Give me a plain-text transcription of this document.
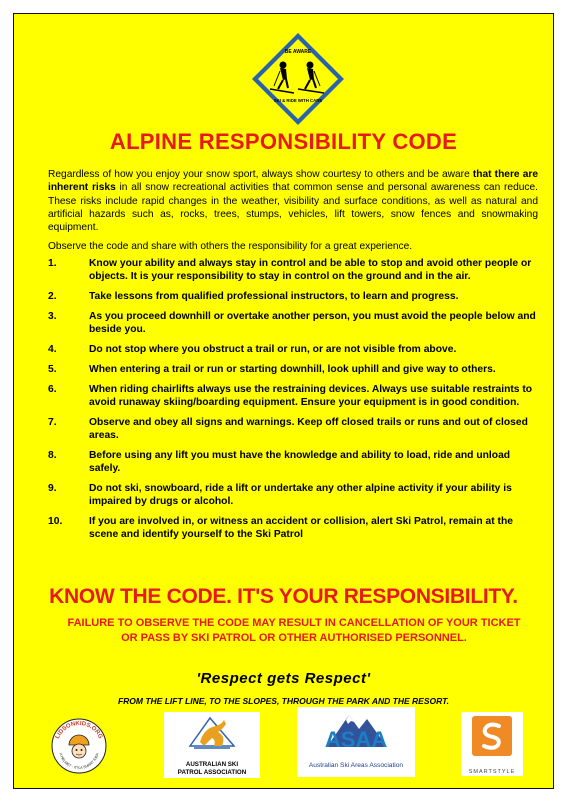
BE AWARE
SKI & RIDE WITH CARE
ALPINE RESPONSIBILITY CODE

Regardless of how you enjoy your snow sport, always show courtesy to others and be aware that there are inherent risks in all snow recreational activities that common sense and personal awareness can reduce. These risks include rapid changes in the weather, visibility and surface conditions, as well as natural and artificial hazards such as, rocks, trees, stumps, vehicles, lift towers, snow fences and snowmaking equipment.

Observe the code and share with others the responsibility for a great experience.

1.	Know your ability and always stay in control and be able to stop and avoid other people or objects. It is your responsibility to stay in control on the ground and in the air.
2.	Take lessons from qualified professional instructors, to learn and progress.
3.	As you proceed downhill or overtake another person, you must avoid the people below and beside you.
4.	Do not stop where you obstruct a trail or run, or are not visible from above.
5.	When entering a trail or run or starting downhill, look uphill and give way to others.
6.	When riding chairlifts always use the restraining devices. Always use suitable restraints to avoid runaway skiing/boarding equipment. Ensure your equipment is in good condition.
7.	Observe and obey all signs and warnings. Keep off closed trails or runs and out of closed areas.
8.	Before using any lift you must have the knowledge and ability to load, ride and unload safely.
9.	Do not ski, snowboard, ride a lift or undertake any other alpine activity if your ability is impaired by drugs or alcohol.
10.	If you are involved in, or witness an accident or collision, alert Ski Patrol, remain at the scene and identify yourself to the Ski Patrol
KNOW THE CODE. IT'S YOUR RESPONSIBILITY.
FAILURE TO OBSERVE THE CODE MAY RESULT IN CANCELLATION OF YOUR TICKET
OR PASS BY SKI PATROL OR OTHER AUTHORISED PERSONNEL.
'Respect gets Respect'
FROM THE LIFT LINE, TO THE SLOPES, THROUGH THE PARK AND THE RESORT.
LIDSONKIDS.ORG
A HELMET - IT'S A SMART IDEA
AUSTRALIAN SKI
PATROL ASSOCIATION
ASAA
Australian Ski Areas Association
SMARTSTYLE
